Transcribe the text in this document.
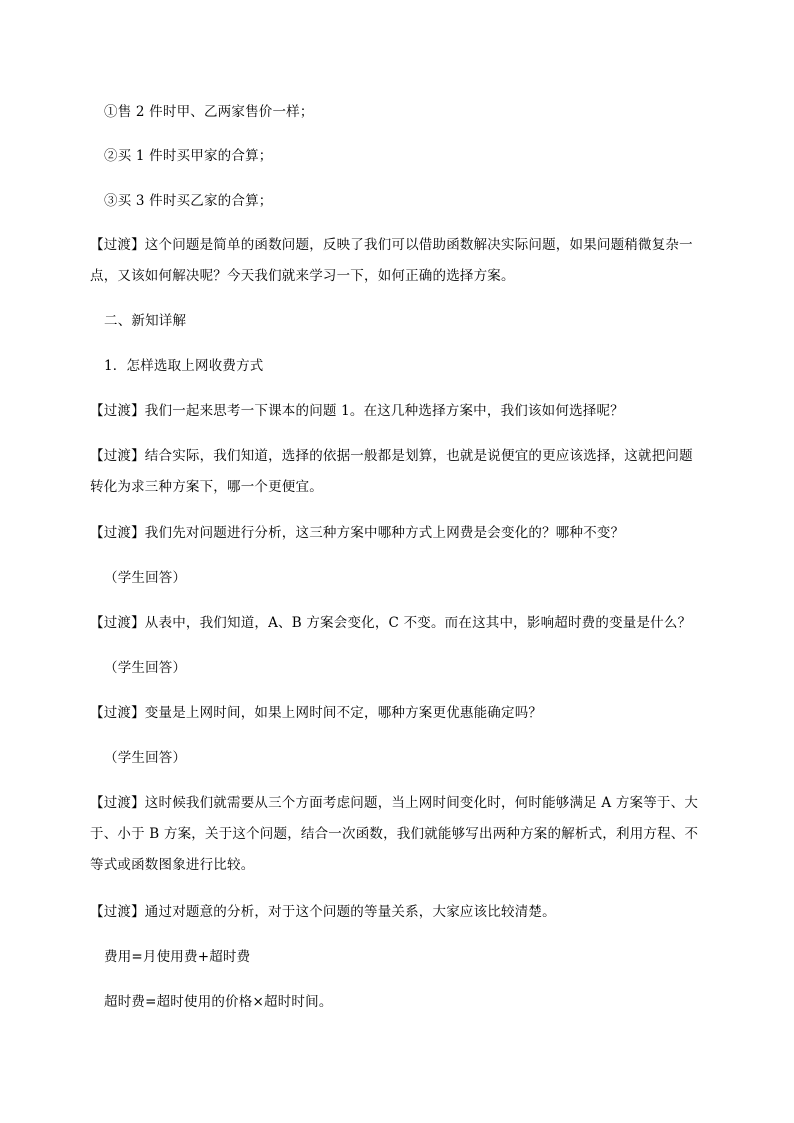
①售 2 件时甲、乙两家售价一样；

②买 1 件时买甲家的合算；

③买 3 件时买乙家的合算；

【过渡】这个问题是简单的函数问题，反映了我们可以借助函数解决实际问题，如果问题稍微复杂一点，又该如何解决呢？今天我们就来学习一下，如何正确的选择方案。

二、新知详解

1．怎样选取上网收费方式

【过渡】我们一起来思考一下课本的问题 1。在这几种选择方案中，我们该如何选择呢？

【过渡】结合实际，我们知道，选择的依据一般都是划算，也就是说便宜的更应该选择，这就把问题转化为求三种方案下，哪一个更便宜。

【过渡】我们先对问题进行分析，这三种方案中哪种方式上网费是会变化的？哪种不变？

（学生回答）

【过渡】从表中，我们知道，A、B 方案会变化，C 不变。而在这其中，影响超时费的变量是什么？

（学生回答）

【过渡】变量是上网时间，如果上网时间不定，哪种方案更优惠能确定吗？

（学生回答）

【过渡】这时候我们就需要从三个方面考虑问题，当上网时间变化时，何时能够满足 A 方案等于、大于、小于 B 方案，关于这个问题，结合一次函数，我们就能够写出两种方案的解析式，利用方程、不等式或函数图象进行比较。

【过渡】通过对题意的分析，对于这个问题的等量关系，大家应该比较清楚。

费用=月使用费+超时费

超时费=超时使用的价格×超时时间。
